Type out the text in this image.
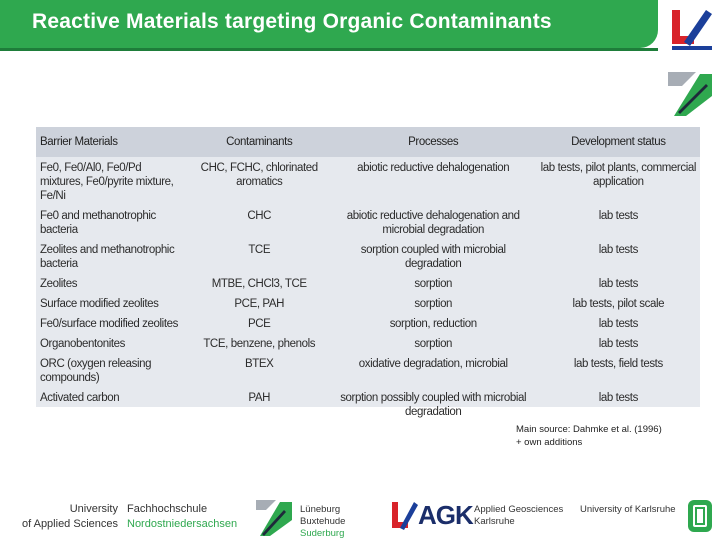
Reactive Materials targeting Organic Contaminants
Barrier Materials	Contaminants	Processes	Development status
Fe0, Fe0/Al0, Fe0/Pd mixtures, Fe0/pyrite mixture, Fe/Ni	CHC, FCHC, chlorinated aromatics	abiotic reductive dehalogenation	lab tests, pilot plants, commercial application
Fe0 and methanotrophic bacteria	CHC	abiotic reductive dehalogenation and microbial degradation	lab tests
Zeolites and methanotrophic bacteria	TCE	sorption coupled with microbial degradation	lab tests
Zeolites	MTBE, CHCl3, TCE	sorption	lab tests
Surface modified zeolites	PCE, PAH	sorption	lab tests, pilot scale
Fe0/surface modified zeolites	PCE	sorption, reduction	lab tests
Organobentonites	TCE, benzene, phenols	sorption	lab tests
ORC (oxygen releasing compounds)	BTEX	oxidative degradation, microbial	lab tests, field tests
Activated carbon	PAH	sorption possibly coupled with microbial degradation	lab tests
Main source: Dahmke et al. (1996)
+ own additions
University
of Applied Sciences
Fachhochschule
Nordostniedersachsen
Lüneburg
Buxtehude
Suderburg
AGK Applied Geosciences
Karlsruhe
University of Karlsruhe
